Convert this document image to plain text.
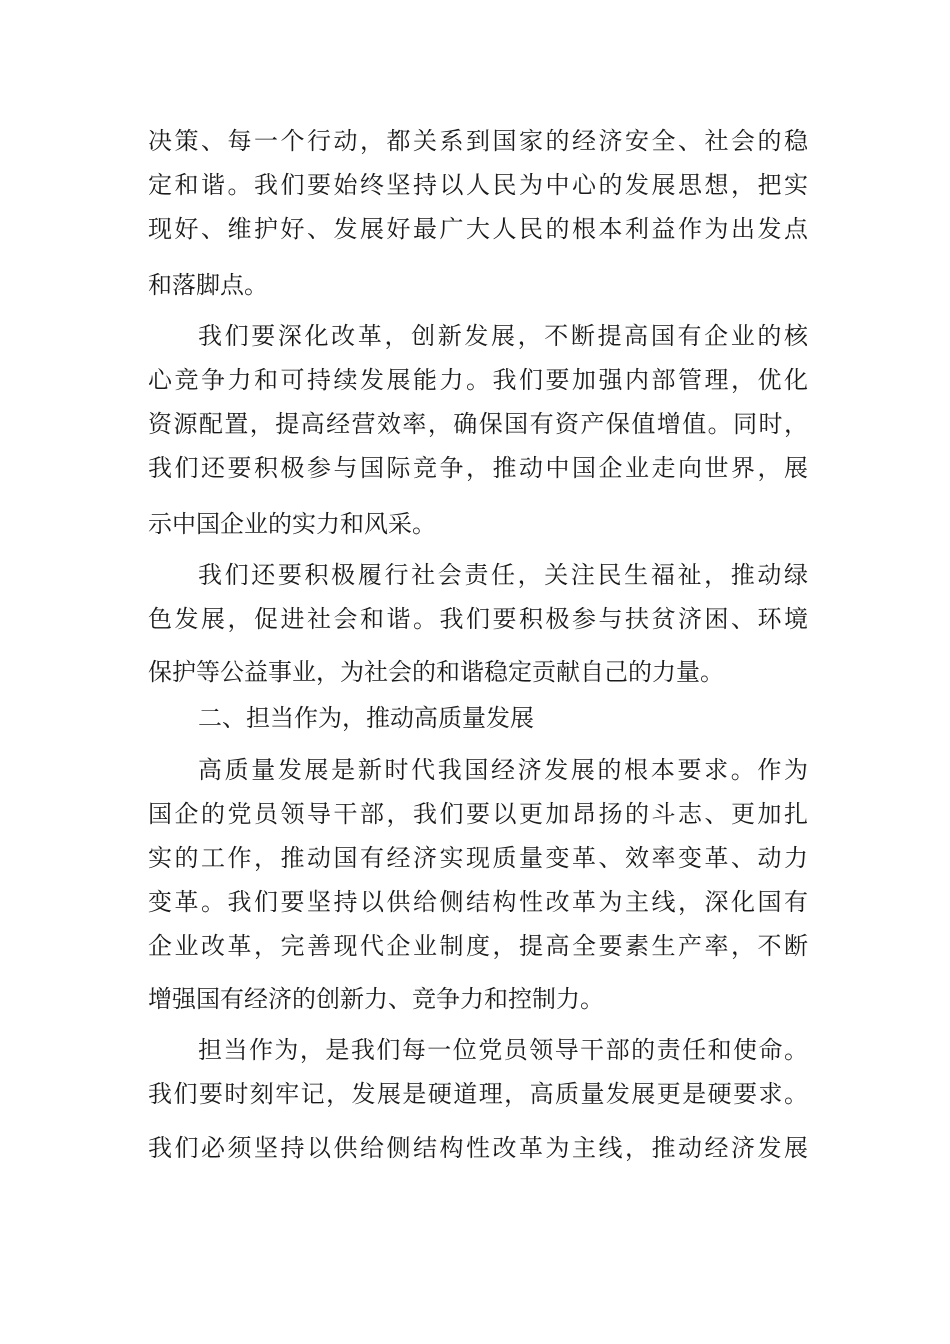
决策、每一个行动，都关系到国家的经济安全、社会的稳
定和谐。我们要始终坚持以人民为中心的发展思想，把实
现好、维护好、发展好最广大人民的根本利益作为出发点
和落脚点。
我们要深化改革，创新发展，不断提高国有企业的核
心竞争力和可持续发展能力。我们要加强内部管理，优化
资源配置，提高经营效率，确保国有资产保值增值。同时，
我们还要积极参与国际竞争，推动中国企业走向世界，展
示中国企业的实力和风采。
我们还要积极履行社会责任，关注民生福祉，推动绿
色发展，促进社会和谐。我们要积极参与扶贫济困、环境
保护等公益事业，为社会的和谐稳定贡献自己的力量。
二、担当作为，推动高质量发展
高质量发展是新时代我国经济发展的根本要求。作为
国企的党员领导干部，我们要以更加昂扬的斗志、更加扎
实的工作，推动国有经济实现质量变革、效率变革、动力
变革。我们要坚持以供给侧结构性改革为主线，深化国有
企业改革，完善现代企业制度，提高全要素生产率，不断
增强国有经济的创新力、竞争力和控制力。
担当作为，是我们每一位党员领导干部的责任和使命。
我们要时刻牢记，发展是硬道理，高质量发展更是硬要求。
我们必须坚持以供给侧结构性改革为主线，推动经济发展
